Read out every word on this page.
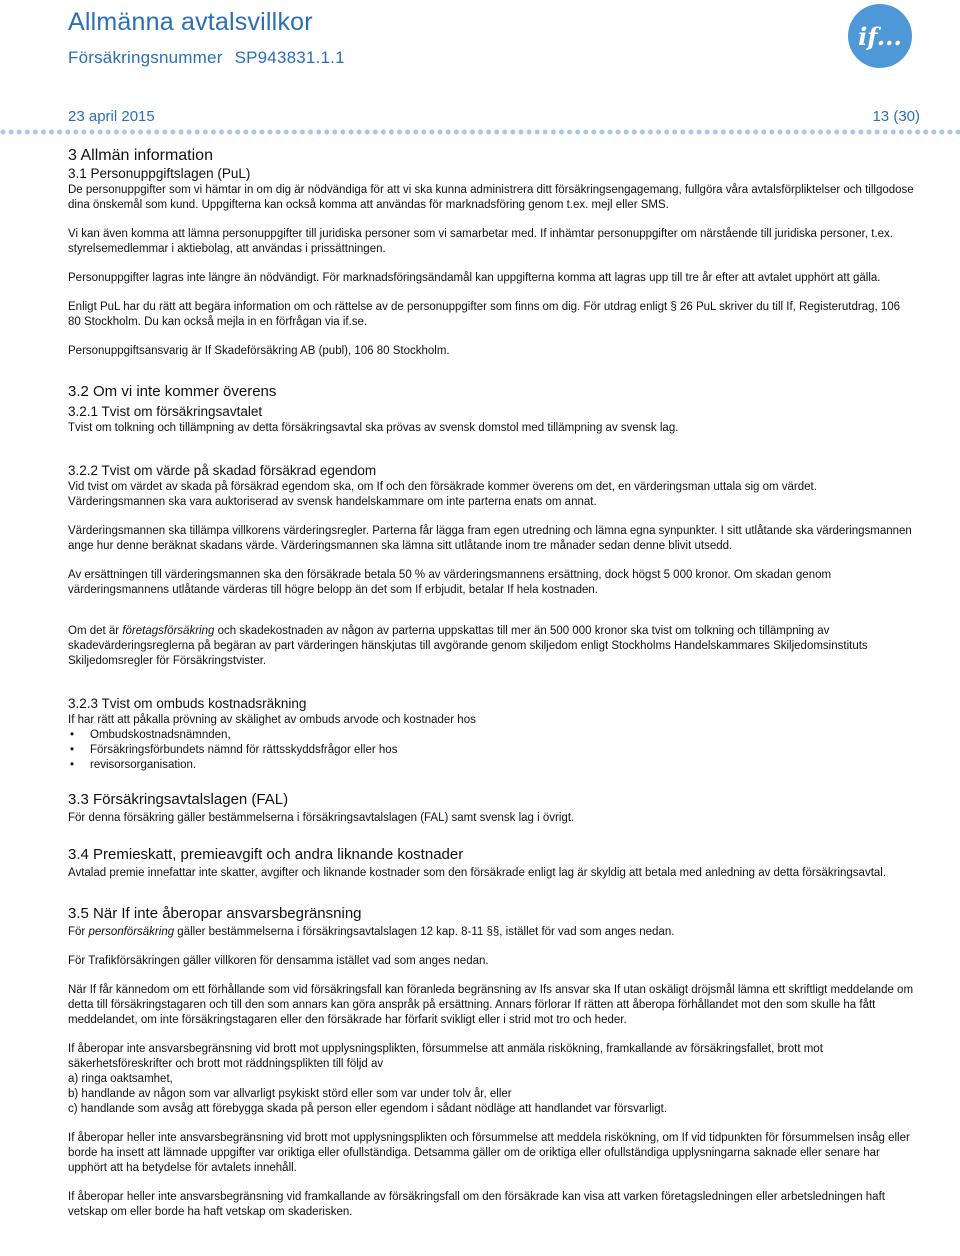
Allmänna avtalsvillkor
Försäkringsnummer SP943831.1.1
if...
23 april 2015	13 (30)
3 Allmän information
3.1 Personuppgiftslagen (PuL)

De personuppgifter som vi hämtar in om dig är nödvändiga för att vi ska kunna administrera ditt försäkringsengagemang, fullgöra våra avtalsförpliktelser och tillgodose dina önskemål som kund. Uppgifterna kan också komma att användas för marknadsföring genom t.ex. mejl eller SMS.

Vi kan även komma att lämna personuppgifter till juridiska personer som vi samarbetar med. If inhämtar personuppgifter om närstående till juridiska personer, t.ex. styrelsemedlemmar i aktiebolag, att användas i prissättningen.

Personuppgifter lagras inte längre än nödvändigt. För marknadsföringsändamål kan uppgifterna komma att lagras upp till tre år efter att avtalet upphört att gälla.

Enligt PuL har du rätt att begära information om och rättelse av de personuppgifter som finns om dig. För utdrag enligt § 26 PuL skriver du till If, Registerutdrag, 106 80 Stockholm. Du kan också mejla in en förfrågan via if.se.

Personuppgiftsansvarig är If Skadeförsäkring AB (publ), 106 80 Stockholm.

3.2 Om vi inte kommer överens
3.2.1 Tvist om försäkringsavtalet

Tvist om tolkning och tillämpning av detta försäkringsavtal ska prövas av svensk domstol med tillämpning av svensk lag.

3.2.2 Tvist om värde på skadad försäkrad egendom

Vid tvist om värdet av skada på försäkrad egendom ska, om If och den försäkrade kommer överens om det, en värderingsman uttala sig om värdet. Värderingsmannen ska vara auktoriserad av svensk handelskammare om inte parterna enats om annat.

Värderingsmannen ska tillämpa villkorens värderingsregler. Parterna får lägga fram egen utredning och lämna egna synpunkter. I sitt utlåtande ska värderingsmannen ange hur denne beräknat skadans värde. Värderingsmannen ska lämna sitt utlåtande inom tre månader sedan denne blivit utsedd.

Av ersättningen till värderingsmannen ska den försäkrade betala 50 % av värderingsmannens ersättning, dock högst 5 000 kronor. Om skadan genom värderingsmannens utlåtande värderas till högre belopp än det som If erbjudit, betalar If hela kostnaden.

Om det är företagsförsäkring och skadekostnaden av någon av parterna uppskattas till mer än 500 000 kronor ska tvist om tolkning och tillämpning av skadevärderingsreglerna på begäran av part värderingen hänskjutas till avgörande genom skiljedom enligt Stockholms Handelskammares Skiljedomsinstituts Skiljedomsregler för Försäkringstvister.

3.2.3 Tvist om ombuds kostnadsräkning

If har rätt att påkalla prövning av skälighet av ombuds arvode och kostnader hos

• Ombudskostnadsnämnden,
• Försäkringsförbundets nämnd för rättsskyddsfrågor eller hos
• revisorsorganisation.
3.3 Försäkringsavtalslagen (FAL)

För denna försäkring gäller bestämmelserna i försäkringsavtalslagen (FAL) samt svensk lag i övrigt.

3.4 Premieskatt, premieavgift och andra liknande kostnader

Avtalad premie innefattar inte skatter, avgifter och liknande kostnader som den försäkrade enligt lag är skyldig att betala med anledning av detta försäkringsavtal.

3.5 När If inte åberopar ansvarsbegränsning

För personförsäkring gäller bestämmelserna i försäkringsavtalslagen 12 kap. 8-11 §§, istället för vad som anges nedan.

För Trafikförsäkringen gäller villkoren för densamma istället vad som anges nedan.

När If får kännedom om ett förhållande som vid försäkringsfall kan föranleda begränsning av Ifs ansvar ska If utan oskäligt dröjsmål lämna ett skriftligt meddelande om detta till försäkringstagaren och till den som annars kan göra anspråk på ersättning. Annars förlorar If rätten att åberopa förhållandet mot den som skulle ha fått meddelandet, om inte försäkringstagaren eller den försäkrade har förfarit svikligt eller i strid mot tro och heder.

If åberopar inte ansvarsbegränsning vid brott mot upplysningsplikten, försummelse att anmäla riskökning, framkallande av försäkringsfallet, brott mot säkerhetsföreskrifter och brott mot räddningsplikten till följd av

a) ringa oaktsamhet,
b) handlande av någon som var allvarligt psykiskt störd eller som var under tolv år, eller
c) handlande som avsåg att förebygga skada på person eller egendom i sådant nödläge att handlandet var försvarligt.

If åberopar heller inte ansvarsbegränsning vid brott mot upplysningsplikten och försummelse att meddela riskökning, om If vid tidpunkten för försummelsen insåg eller borde ha insett att lämnade uppgifter var oriktiga eller ofullständiga. Detsamma gäller om de oriktiga eller ofullständiga upplysningarna saknade eller senare har upphört att ha betydelse för avtalets innehåll.

If åberopar heller inte ansvarsbegränsning vid framkallande av försäkringsfall om den försäkrade kan visa att varken företagsledningen eller arbetsledningen haft vetskap om eller borde ha haft vetskap om skaderisken.
